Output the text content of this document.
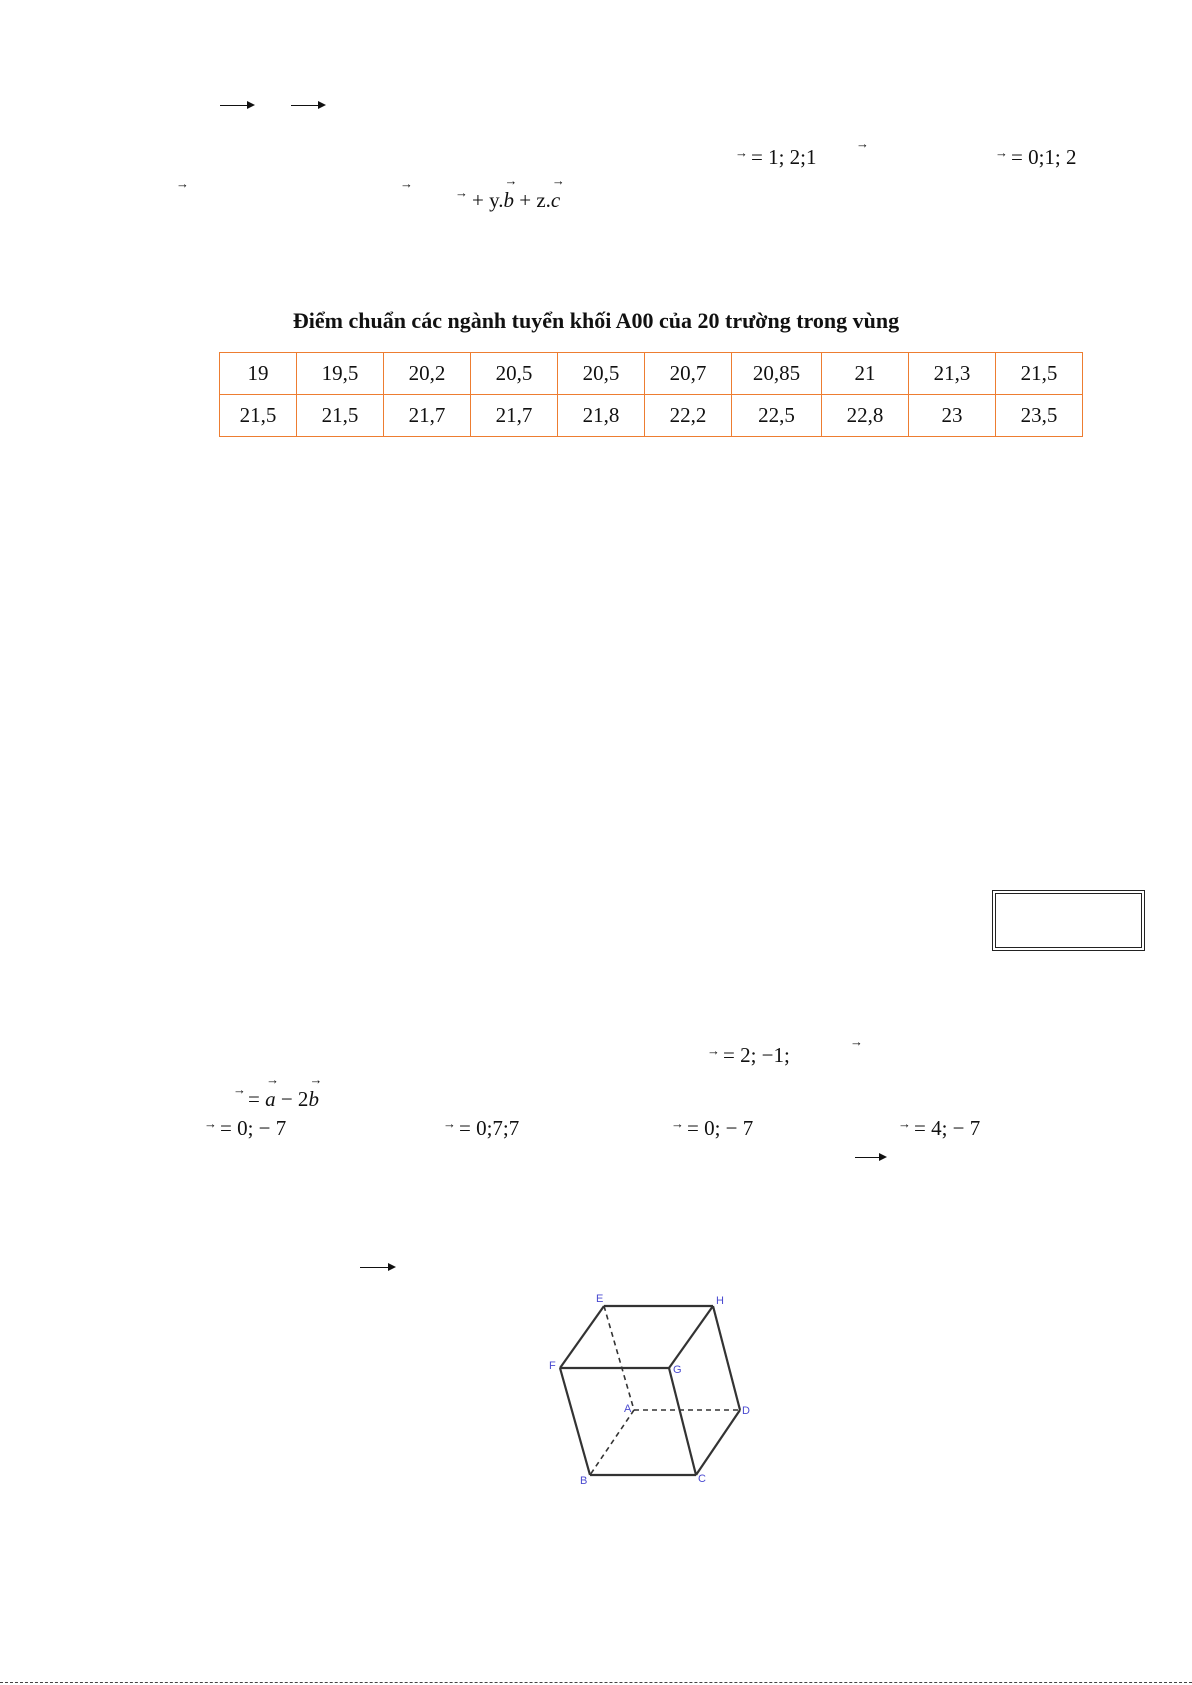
→ = 1; 2;1
→
→ = 0;1; 2
→	→
→ + y.→ b + z.→ c
Điểm chuẩn các ngành tuyển khối A00 của 20 trường trong vùng
19	19,5	20,2	20,5	20,5	20,7	20,85	21	21,3	21,5
21,5	21,5	21,7	21,7	21,8	22,2	22,5	22,8	23	23,5
→ = 2; −1;
→
→ = → a − 2→ b
→ = 0; − 7	→ = 0;7;7	→ = 0; − 7	→ = 4; − 7
E	H
F	G
A	D
B	C
